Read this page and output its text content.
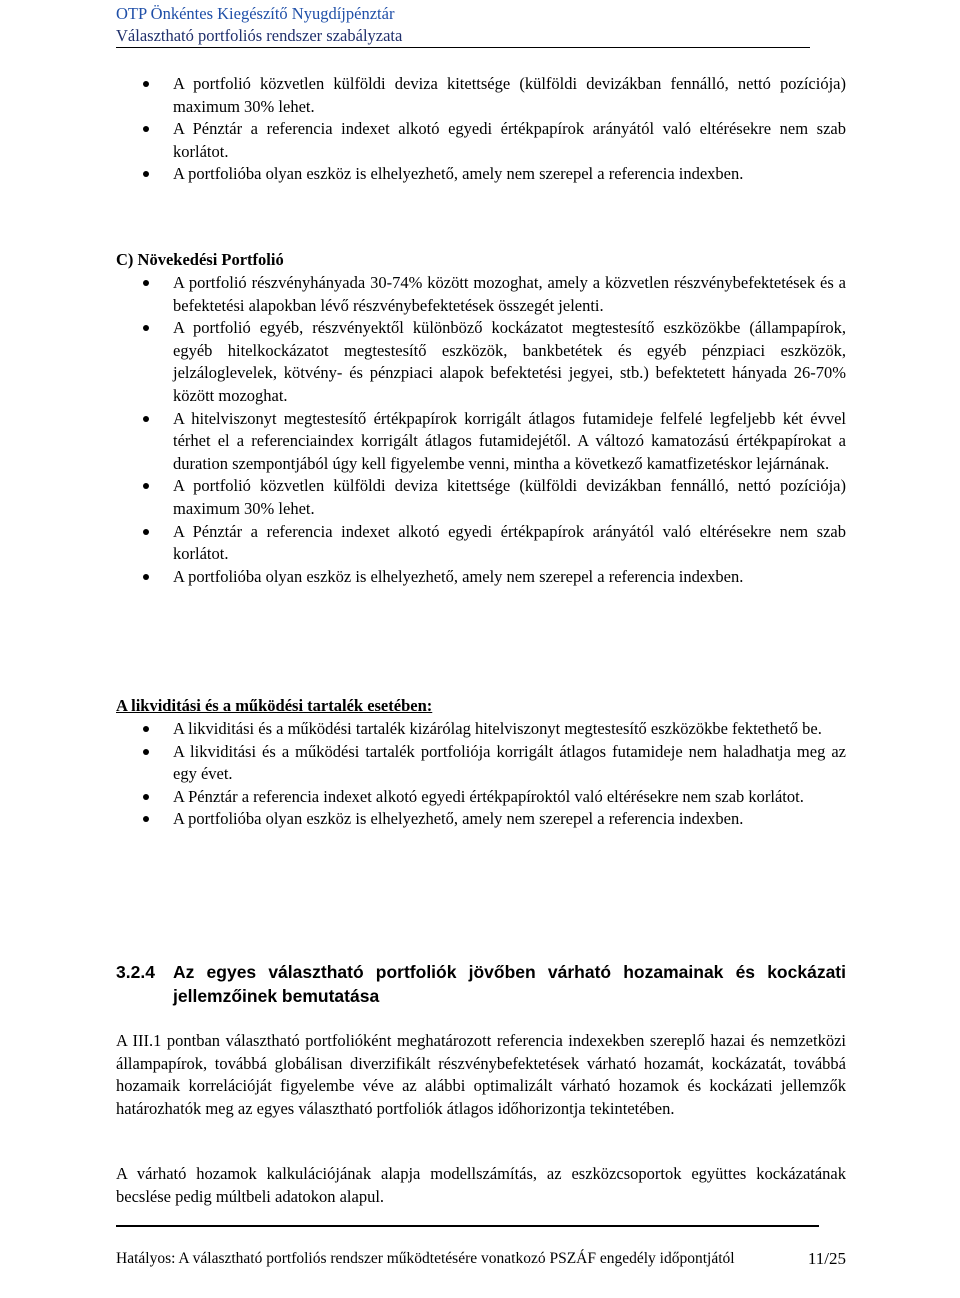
OTP Önkéntes Kiegészítő Nyugdíjpénztár
Választható portfoliós rendszer szabályzata
A portfolió közvetlen külföldi deviza kitettsége (külföldi devizákban fennálló, nettó pozíciója) maximum 30% lehet.
A Pénztár a referencia indexet alkotó egyedi értékpapírok arányától való eltérésekre nem szab korlátot.
A portfolióba olyan eszköz is elhelyezhető, amely nem szerepel a referencia indexben.
C) Növekedési Portfolió
A portfolió részvényhányada 30-74% között mozoghat, amely a közvetlen részvénybefektetések és a befektetési alapokban lévő részvénybefektetések összegét jelenti.
A portfolió egyéb, részvényektől különböző kockázatot megtestesítő eszközökbe (állampapírok, egyéb hitelkockázatot megtestesítő eszközök, bankbetétek és egyéb pénzpiaci eszközök, jelzáloglevelek, kötvény- és pénzpiaci alapok befektetési jegyei, stb.) befektetett hányada 26-70% között mozoghat.
A hitelviszonyt megtestesítő értékpapírok korrigált átlagos futamideje felfelé legfeljebb két évvel térhet el a referenciaindex korrigált átlagos futamidejétől. A változó kamatozású értékpapírokat a duration szempontjából úgy kell figyelembe venni, mintha a következő kamatfizetéskor lejárnának.
A portfolió közvetlen külföldi deviza kitettsége (külföldi devizákban fennálló, nettó pozíciója) maximum 30% lehet.
A Pénztár a referencia indexet alkotó egyedi értékpapírok arányától való eltérésekre nem szab korlátot.
A portfolióba olyan eszköz is elhelyezhető, amely nem szerepel a referencia indexben.
A likviditási és a működési tartalék esetében:
A likviditási és a működési tartalék kizárólag hitelviszonyt megtestesítő eszközökbe fektethető be.
A likviditási és a működési tartalék portfoliója korrigált átlagos futamideje nem haladhatja meg az egy évet.
A Pénztár a referencia indexet alkotó egyedi értékpapíroktól való eltérésekre nem szab korlátot.
A portfolióba olyan eszköz is elhelyezhető, amely nem szerepel a referencia indexben.
3.2.4 Az egyes választható portfoliók jövőben várható hozamainak és kockázati jellemzőinek bemutatása
A III.1 pontban választható portfolióként meghatározott referencia indexekben szereplő hazai és nemzetközi állampapírok, továbbá globálisan diverzifikált részvénybefektetések várható hozamát, kockázatát, továbbá hozamaik korrelációját figyelembe véve az alábbi optimalizált várható hozamok és kockázati jellemzők határozhatók meg az egyes választható portfoliók átlagos időhorizontja tekintetében.
A várható hozamok kalkulációjának alapja modellszámítás, az eszközcsoportok együttes kockázatának becslése pedig múltbeli adatokon alapul.
Hatályos: A választható portfoliós rendszer működtetésére vonatkozó PSZÁF engedély időpontjától	11/25
